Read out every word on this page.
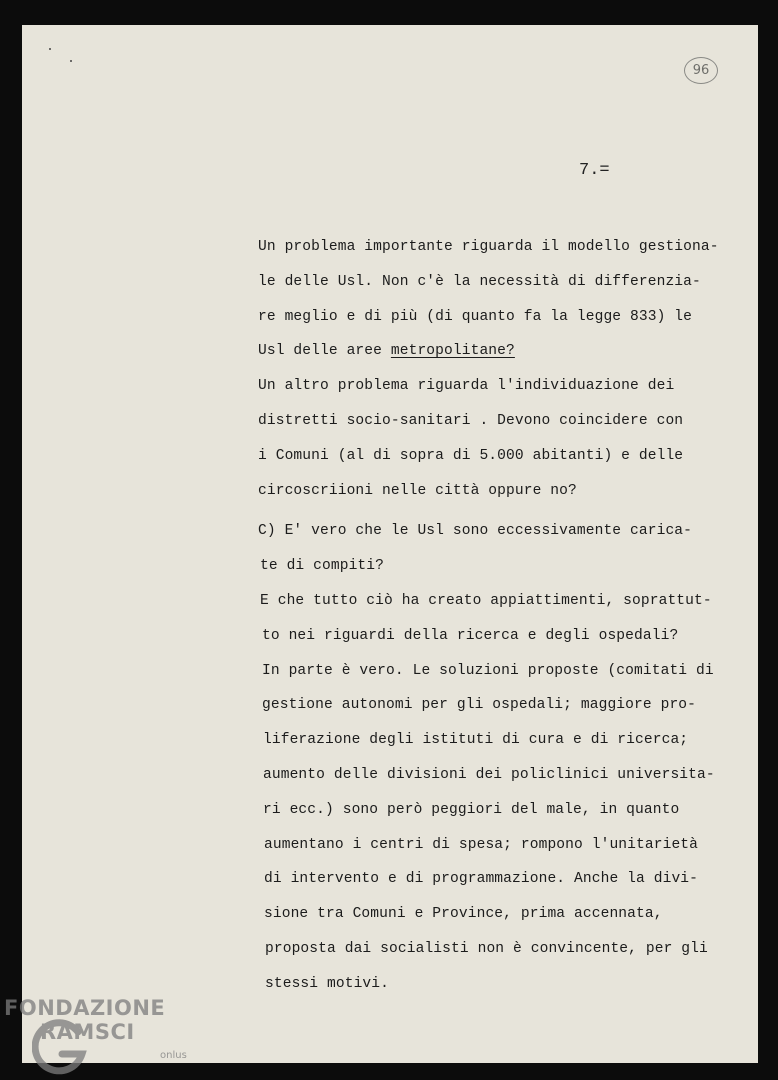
96
7.=
Un problema importante riguarda il modello gestiona-
le delle Usl. Non c'è la necessità di differenzia-
re meglio e di più (di quanto fa la legge 833) le
Usl delle aree metropolitane?
Un altro problema riguarda l'individuazione dei
distretti socio-sanitari . Devono coincidere con
i Comuni (al di sopra di 5.000 abitanti) e delle
circoscriioni nelle città oppure no?
C) E' vero che le Usl sono eccessivamente carica-
te di compiti?
E che tutto ciò ha creato appiattimenti, soprattut-
to nei riguardi della ricerca e degli ospedali?
In parte è vero. Le soluzioni proposte (comitati di
gestione autonomi per gli ospedali; maggiore pro-
liferazione degli istituti di cura e di ricerca;
aumento delle divisioni dei policlinici universita-
ri ecc.) sono però peggiori del male, in quanto
aumentano i centri di spesa; rompono l'unitarietà
di intervento e di programmazione. Anche la divi-
sione tra Comuni e Province, prima accennata,
proposta dai socialisti non è convincente, per gli
stessi motivi.
FONDAZIONE
RAMSCI
onlus
